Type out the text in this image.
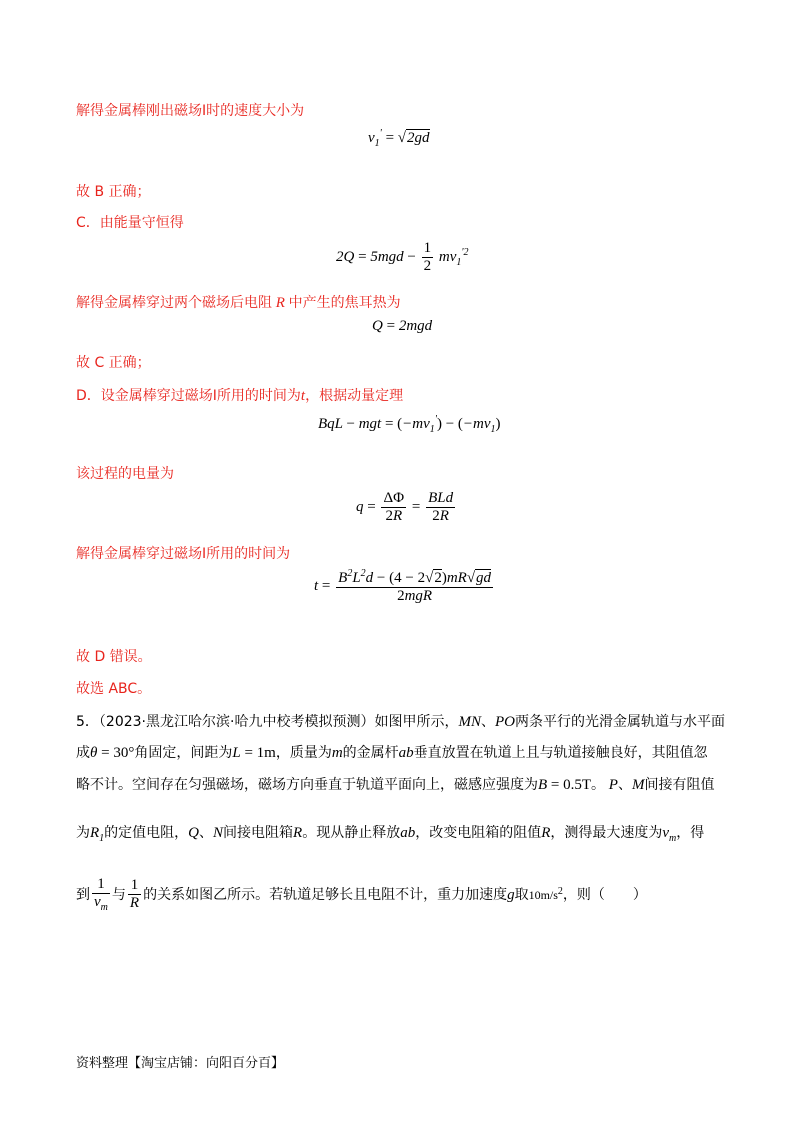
解得金属棒刚出磁场Ⅰ时的速度大小为
$v_1' = √2gd$
故 B 正确；
C．由能量守恒得
$2Q = 5mgd - \frac{1}{2} mv_1^{'2}$
解得金属棒穿过两个磁场后电阻 R 中产生的焦耳热为
Q = 2mgd
故 C 正确；
D．设金属棒穿过磁场Ⅰ所用的时间为t，根据动量定理
BqL − mgt = $(-mv_1') - (-mv_1)$
该过程的电量为
$q = \frac{\Delta\Phi}{2R} = \frac{\text{BLd}}{2R}$
解得金属棒穿过磁场Ⅰ所用的时间为
$t = \frac{B^2L^2d - (4 - 2√2)mR√gd}{\text{2mgR}}$
故 D 错误。
故选 ABC。
5．（2023·黑龙江哈尔滨·哈九中校考模拟预测）如图甲所示，MN、PO两条平行的光滑金属轨道与水平面
成θ = 30°角固定，间距为L = 1m，质量为m的金属杆ab垂直放置在轨道上且与轨道接触良好，其阻值忽
略不计。空间存在匀强磁场，磁场方向垂直于轨道平面向上，磁感应强度为B = 0.5T。 P、M间接有阻值
为$R_1$的定值电阻，Q、N间接电阻箱R。现从静止释放ab，改变电阻箱的阻值R，测得最大速度为$v_m$，得
到 $\frac{1}{v_m}$ 与 $\frac{1}{R}$ 的关系如图乙所示。若轨道足够长且电阻不计，重力加速度g取$10m/s^2$，则（　　）
资料整理【淘宝店铺：向阳百分百】
